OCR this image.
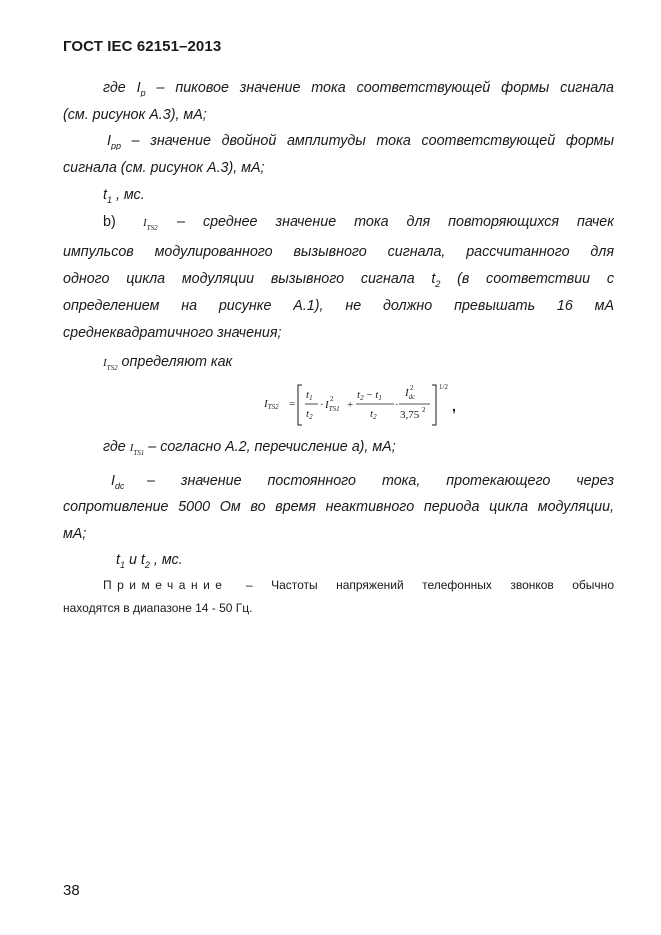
ГОСТ IEC 62151–2013
где $I_p$ – пиковое значение тока соответствующей формы сигнала
(см. рисунок А.3), мА;
$I_{pp}$ – значение двойной амплитуды тока соответствующей формы
сигнала (см. рисунок А.3), мА;
$t_1$ , мс.
b)	$I_{TS2}$	– среднее значение тока для повторяющихся пачек
импульсов модулированного вызывного сигнала, рассчитанного для
одного цикла модуляции вызывного сигнала $t_2$ (в соответствии с
определением на рисунке А.1), не должно превышать 16 мА
среднеквадратичного значения;
$I_{TS2}$ определяют как
ITS2 =
t1
t2
· $I_{TS1}$
2 +
t2 − t1
t2
·
$I_{dc}$
2
3,75 2
1/2
,
где $I_{TS1}$ – согласно А.2, перечисление а), мА;
$I_{dc}$	– значение постоянного тока, протекающего через
сопротивление 5000 Ом во время неактивного периода цикла модуляции,
мА;
$t_1$ и $t_2$ , мс.
Примечание – Частоты напряжений телефонных звонков обычно
находятся в диапазоне 14 - 50 Гц.
38
